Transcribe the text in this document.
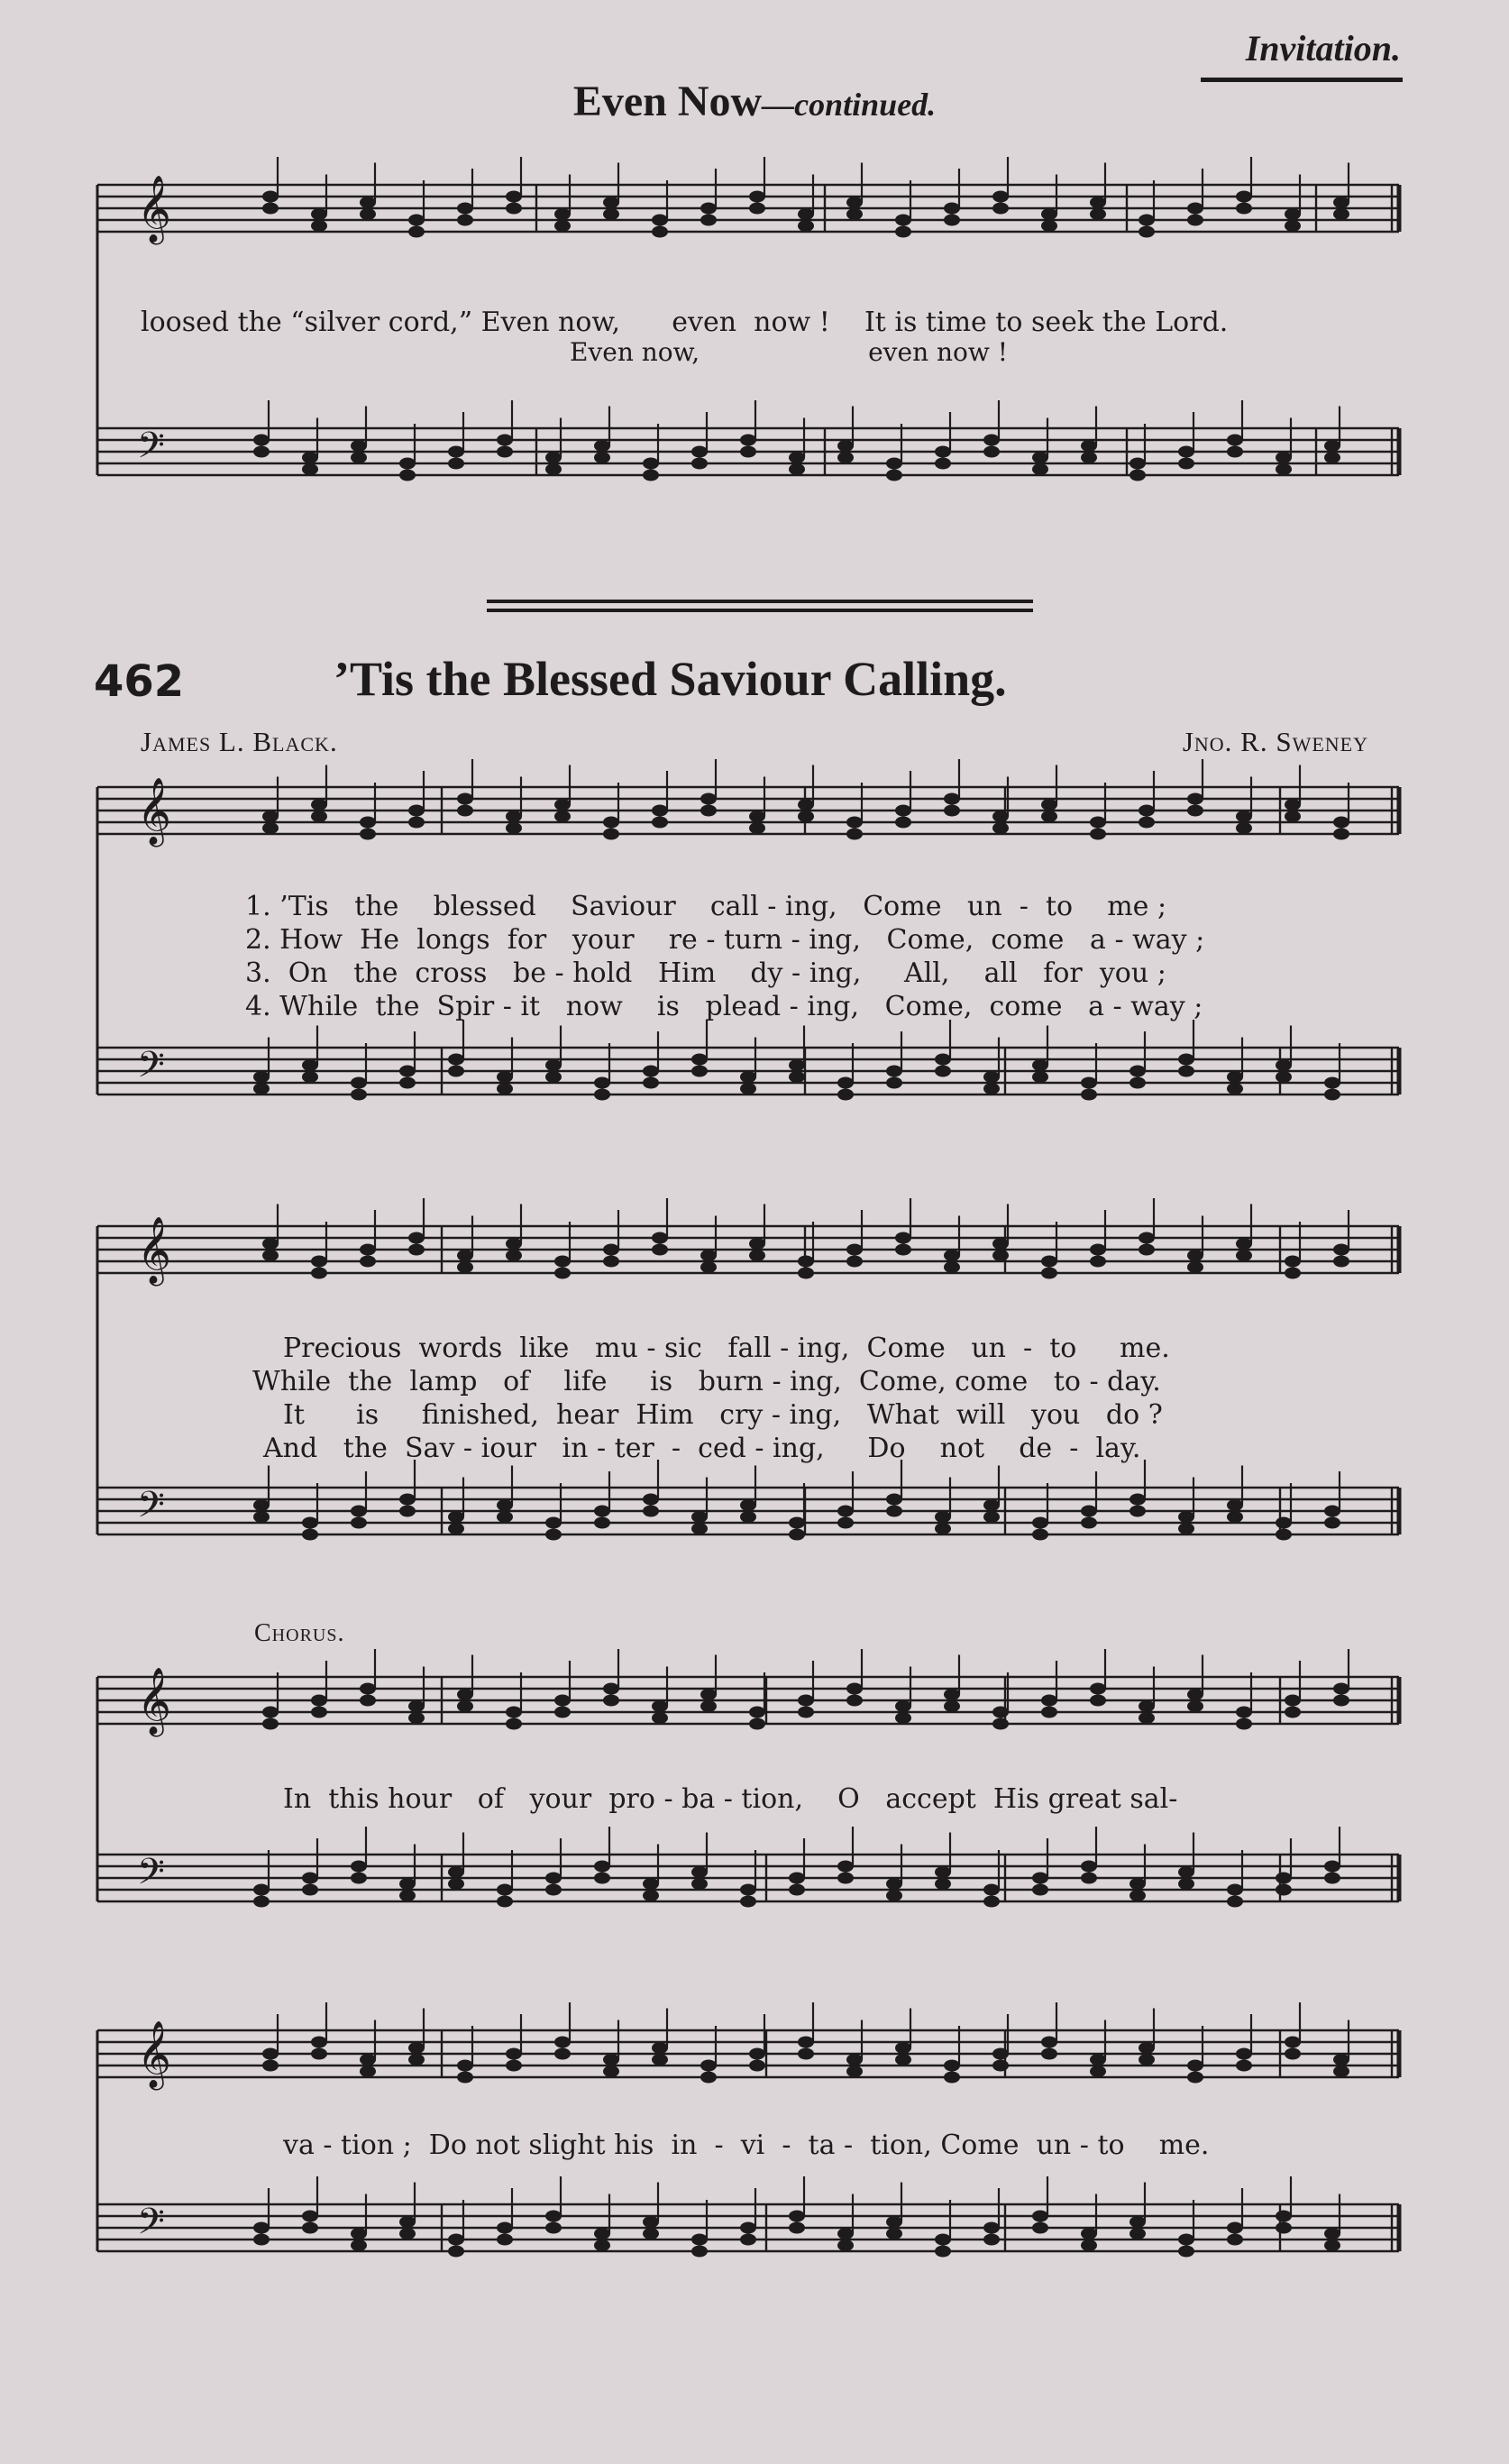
Invitation.
Even Now—continued.
𝄞
𝄢
𝄞
𝄢
𝄞
𝄢
𝄞
𝄢
𝄞
𝄢
loosed the “silver cord,” Even now,      even  now !    It is time to seek the Lord.
Even now,                     even now !
462	’Tis the Blessed Saviour Calling.
James L. Black.	Jno. R. Sweney
1. ’Tis   the    blessed    Saviour    call - ing,   Come   un  -  to    me ;
2. How  He  longs  for   your    re - turn - ing,   Come,  come   a - way ;
3.  On   the  cross   be - hold   Him    dy - ing,     All,    all   for  you ;
4. While  the  Spir - it   now    is   plead - ing,   Come,  come   a - way ;
Precious  words  like   mu - sic   fall - ing,  Come   un  -  to     me.
While  the  lamp   of    life     is   burn - ing,  Come, come   to - day.
It      is     finished,  hear  Him   cry - ing,   What  will   you   do ?
And   the  Sav - iour   in - ter  -  ced - ing,     Do    not    de  -  lay.
Chorus.
In  this hour   of   your  pro - ba - tion,    O   accept  His great sal-
va - tion ;  Do not slight his  in  -  vi  -  ta -  tion, Come  un - to    me.
